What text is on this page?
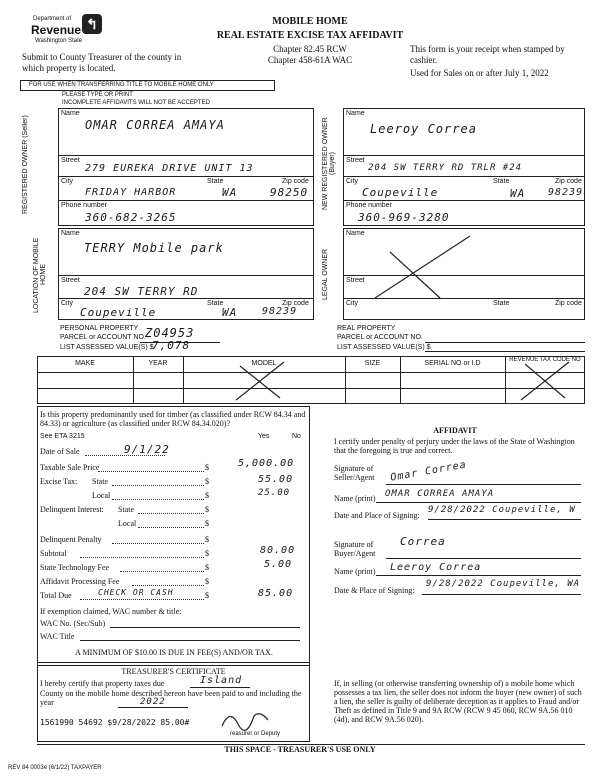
↰
Department of
Revenue
Washington State
Submit to County Treasurer of the county in which property is located.
MOBILE HOME
REAL ESTATE EXCISE TAX AFFIDAVIT
Chapter 82.45 RCW
Chapter 458-61A WAC
This form is your receipt when stamped by cashier.
Used for Sales on or after July 1, 2022
FOR USE WHEN TRANSFERRING TITLE TO MOBILE HOME ONLY
PLEASE TYPE OR PRINT
INCOMPLETE AFFIDAVITS WILL NOT BE ACCEPTED
REGISTERED OWNER (Seller)
Name
OMAR CORREA AMAYA
Street
279 EUREKA DRIVE UNIT 13
City
FRIDAY HARBOR
State
WA
Zip code
98250
Phone number
360-682-3265
NEW REGISTERED OWNER (Buyer)
Name
Leeroy Correa
Street
204 SW TERRY RD TRLR #24
City
Coupeville
State
WA
Zip code
98239
Phone number
360-969-3280
LOCATION OF MOBILE HOME
Name
TERRY Mobile park
Street
204 SW TERRY RD
City
Coupeville
State
WA
Zip code
98239
LEGAL OWNER
Name
Street
City	State	Zip code
PERSONAL PROPERTY
PARCEL or ACCOUNT NO. Z04953
LIST ASSESSED VALUE(S) $
7,078
REAL PROPERTY
PARCEL or ACCOUNT NO.
LIST ASSESSED VALUE(S) $
MAKE	YEAR	MODEL	SIZE	SERIAL NO or I.D	REVENUE TAX CODE NO
Is this property predominantly used for timber (as classified under RCW 84.34 and 84.33) or agriculture (as classified under RCW 84.34.020)?
See ETA 3215	Yes	No
Date of Sale	9/1/22
Taxable Sale Price	$	5,000.00
Excise Tax: State	$	55.00
Local	$	25.00
Delinquent Interest: State	$
Local	$
Delinquent Penalty	$
Subtotal	$	80.00
State Technology Fee	$	5.00
Affidavit Processing Fee	$
Total Due	CHECK OR CASH	$	85.00
If exemption claimed, WAC number & title:
WAC No. (Sec/Sub)
WAC Title
A MINIMUM OF $10.00 IS DUE IN FEE(S) AND/OR TAX.
AFFIDAVIT
I certify under penalty of perjury under the laws of the State of Washington that the foregoing is true and correct.
Signature of Seller/Agent	Omar Correa
Name (print) OMAR CORREA AMAYA
Date and Place of Signing:
9/28/2022 Coupeville, W
Signature of Buyer/Agent
Correa
Name (print) Leeroy Correa
Date & Place of Signing:
9/28/2022 Coupeville, WA
TREASURER'S CERTIFICATE
I hereby certify that property taxes due	Island
County on the mobile home described hereon have been paid to and including the year	2022
1561990 54692 $9/28/2022 85.00#
reasurer or Deputy
If, in selling (or otherwise transferring ownership of) a mobile home which possesses a tax lien, the seller does not inform the buyer (new owner) of such a lien, the seller is guilty of deliberate deception as it applies to Fraud and/or Theft as defined in Title 9 and 9A RCW (RCW 9 45 060, RCW 9A.56 010 (4d), and RCW 9A.56 020).
THIS SPACE - TREASURER'S USE ONLY
REV 84 0003e (6/1/22) TAXPAYER
